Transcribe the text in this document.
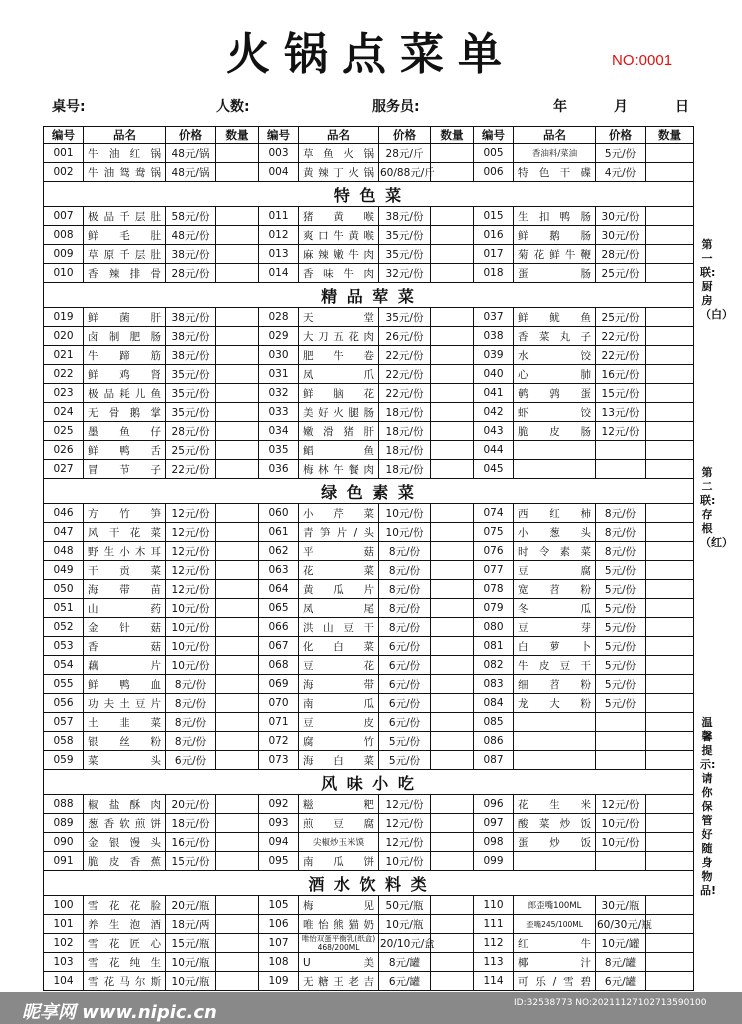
火锅点菜单	NO:0001
桌号:	人数:	服务员:	年	月	日
编号	品名	价格	数量	编号	品名	价格	数量	编号	品名	价格	数量
001	牛油红锅	48元/锅		003	草鱼火锅	28元/斤		005	香油料/菜油	5元/份	
002	牛油鸳鸯锅	48元/锅		004	黄辣丁火锅	60/88元/斤		006	特色干碟	4元/份	
特 色 菜											
007	极品千层肚	58元/份		011	猪黄喉	38元/份		015	生扣鸭肠	30元/份	
008	鲜毛肚	48元/份		012	爽口牛黄喉	35元/份		016	鲜鹅肠	30元/份	
009	草原千层肚	38元/份		013	麻辣嫩牛肉	35元/份		017	菊花鲜牛鞭	28元/份	
010	香辣排骨	28元/份		014	香味牛肉	32元/份		018	蛋肠	25元/份	
精 品 荤 菜											
019	鲜菌肝	38元/份		028	天堂	35元/份		037	鲜鱿鱼	25元/份	
020	卤制肥肠	38元/份		029	大刀五花肉	26元/份		038	香菜丸子	22元/份	
021	牛蹄筋	38元/份		030	肥牛卷	22元/份		039	水饺	22元/份	
022	鲜鸡肾	35元/份		031	凤爪	22元/份		040	心肺	16元/份	
023	极品耗儿鱼	35元/份		032	鲜脑花	22元/份		041	鹌鹑蛋	15元/份	
024	无骨鹅掌	35元/份		033	美好火腿肠	18元/份		042	虾饺	13元/份	
025	墨鱼仔	28元/份		034	嫩滑猪肝	18元/份		043	脆皮肠	12元/份	
026	鲜鸭舌	25元/份		035	鲳鱼	18元/份		044			
027	冒节子	22元/份		036	梅林午餐肉	18元/份		045			
绿 色 素 菜											
046	方竹笋	12元/份		060	小芹菜	10元/份		074	西红柿	8元/份	
047	风干花菜	12元/份		061	青笋片/头	10元/份		075	小葱头	8元/份	
048	野生小木耳	12元/份		062	平菇	8元/份		076	时令素菜	8元/份	
049	干贡菜	12元/份		063	花菜	8元/份		077	豆腐	5元/份	
050	海带苗	12元/份		064	黄瓜片	8元/份		078	宽苕粉	5元/份	
051	山药	10元/份		065	凤尾	8元/份		079	冬瓜	5元/份	
052	金针菇	10元/份		066	洪山豆干	8元/份		080	豆芽	5元/份	
053	香菇	10元/份		067	化白菜	6元/份		081	白萝卜	5元/份	
054	藕片	10元/份		068	豆花	6元/份		082	牛皮豆干	5元/份	
055	鲜鸭血	8元/份		069	海带	6元/份		083	细苕粉	5元/份	
056	功夫土豆片	8元/份		070	南瓜	6元/份		084	龙大粉	5元/份	
057	土韭菜	8元/份		071	豆皮	6元/份		085			
058	银丝粉	8元/份		072	腐竹	5元/份		086			
059	菜头	6元/份		073	海白菜	5元/份		087			
风 味 小 吃											
088	椒盐酥肉	20元/份		092	糍粑	12元/份		096	花生米	12元/份	
089	葱香软煎饼	18元/份		093	煎豆腐	12元/份		097	酸菜炒饭	10元/份	
090	金银馒头	16元/份		094	尖椒炒玉米馍	12元/份		098	蛋炒饭	10元/份	
091	脆皮香蕉	15元/份		095	南瓜饼	10元/份		099			
酒 水 饮 料 类											
100	雪花花脸	20元/瓶		105	梅见	50元/瓶		110	郎歪嘴100ML	30元/瓶	
101	养生泡酒	18元/两		106	唯怡熊猫奶	10元/瓶		111	歪嘴245/100ML	60/30元/瓶	
102	雪花匠心	15元/瓶		107	唯怡双蛋平衡乳(纸盒) 468/200ML	20/10元/盒		112	红牛	10元/罐	
103	雪花纯生	10元/瓶		108	U美	8元/罐		113	椰汁	8元/罐	
104	雪花马尔斯	10元/瓶		109	无糖王老吉	6元/罐		114	可乐/雪碧	6元/罐	
第一联:厨房（白）
第二联:存根（红）
温馨提示:请你保管好随身物品!
昵享网 www.nipic.cn	ID:32538773 NO:20211127102713590100
